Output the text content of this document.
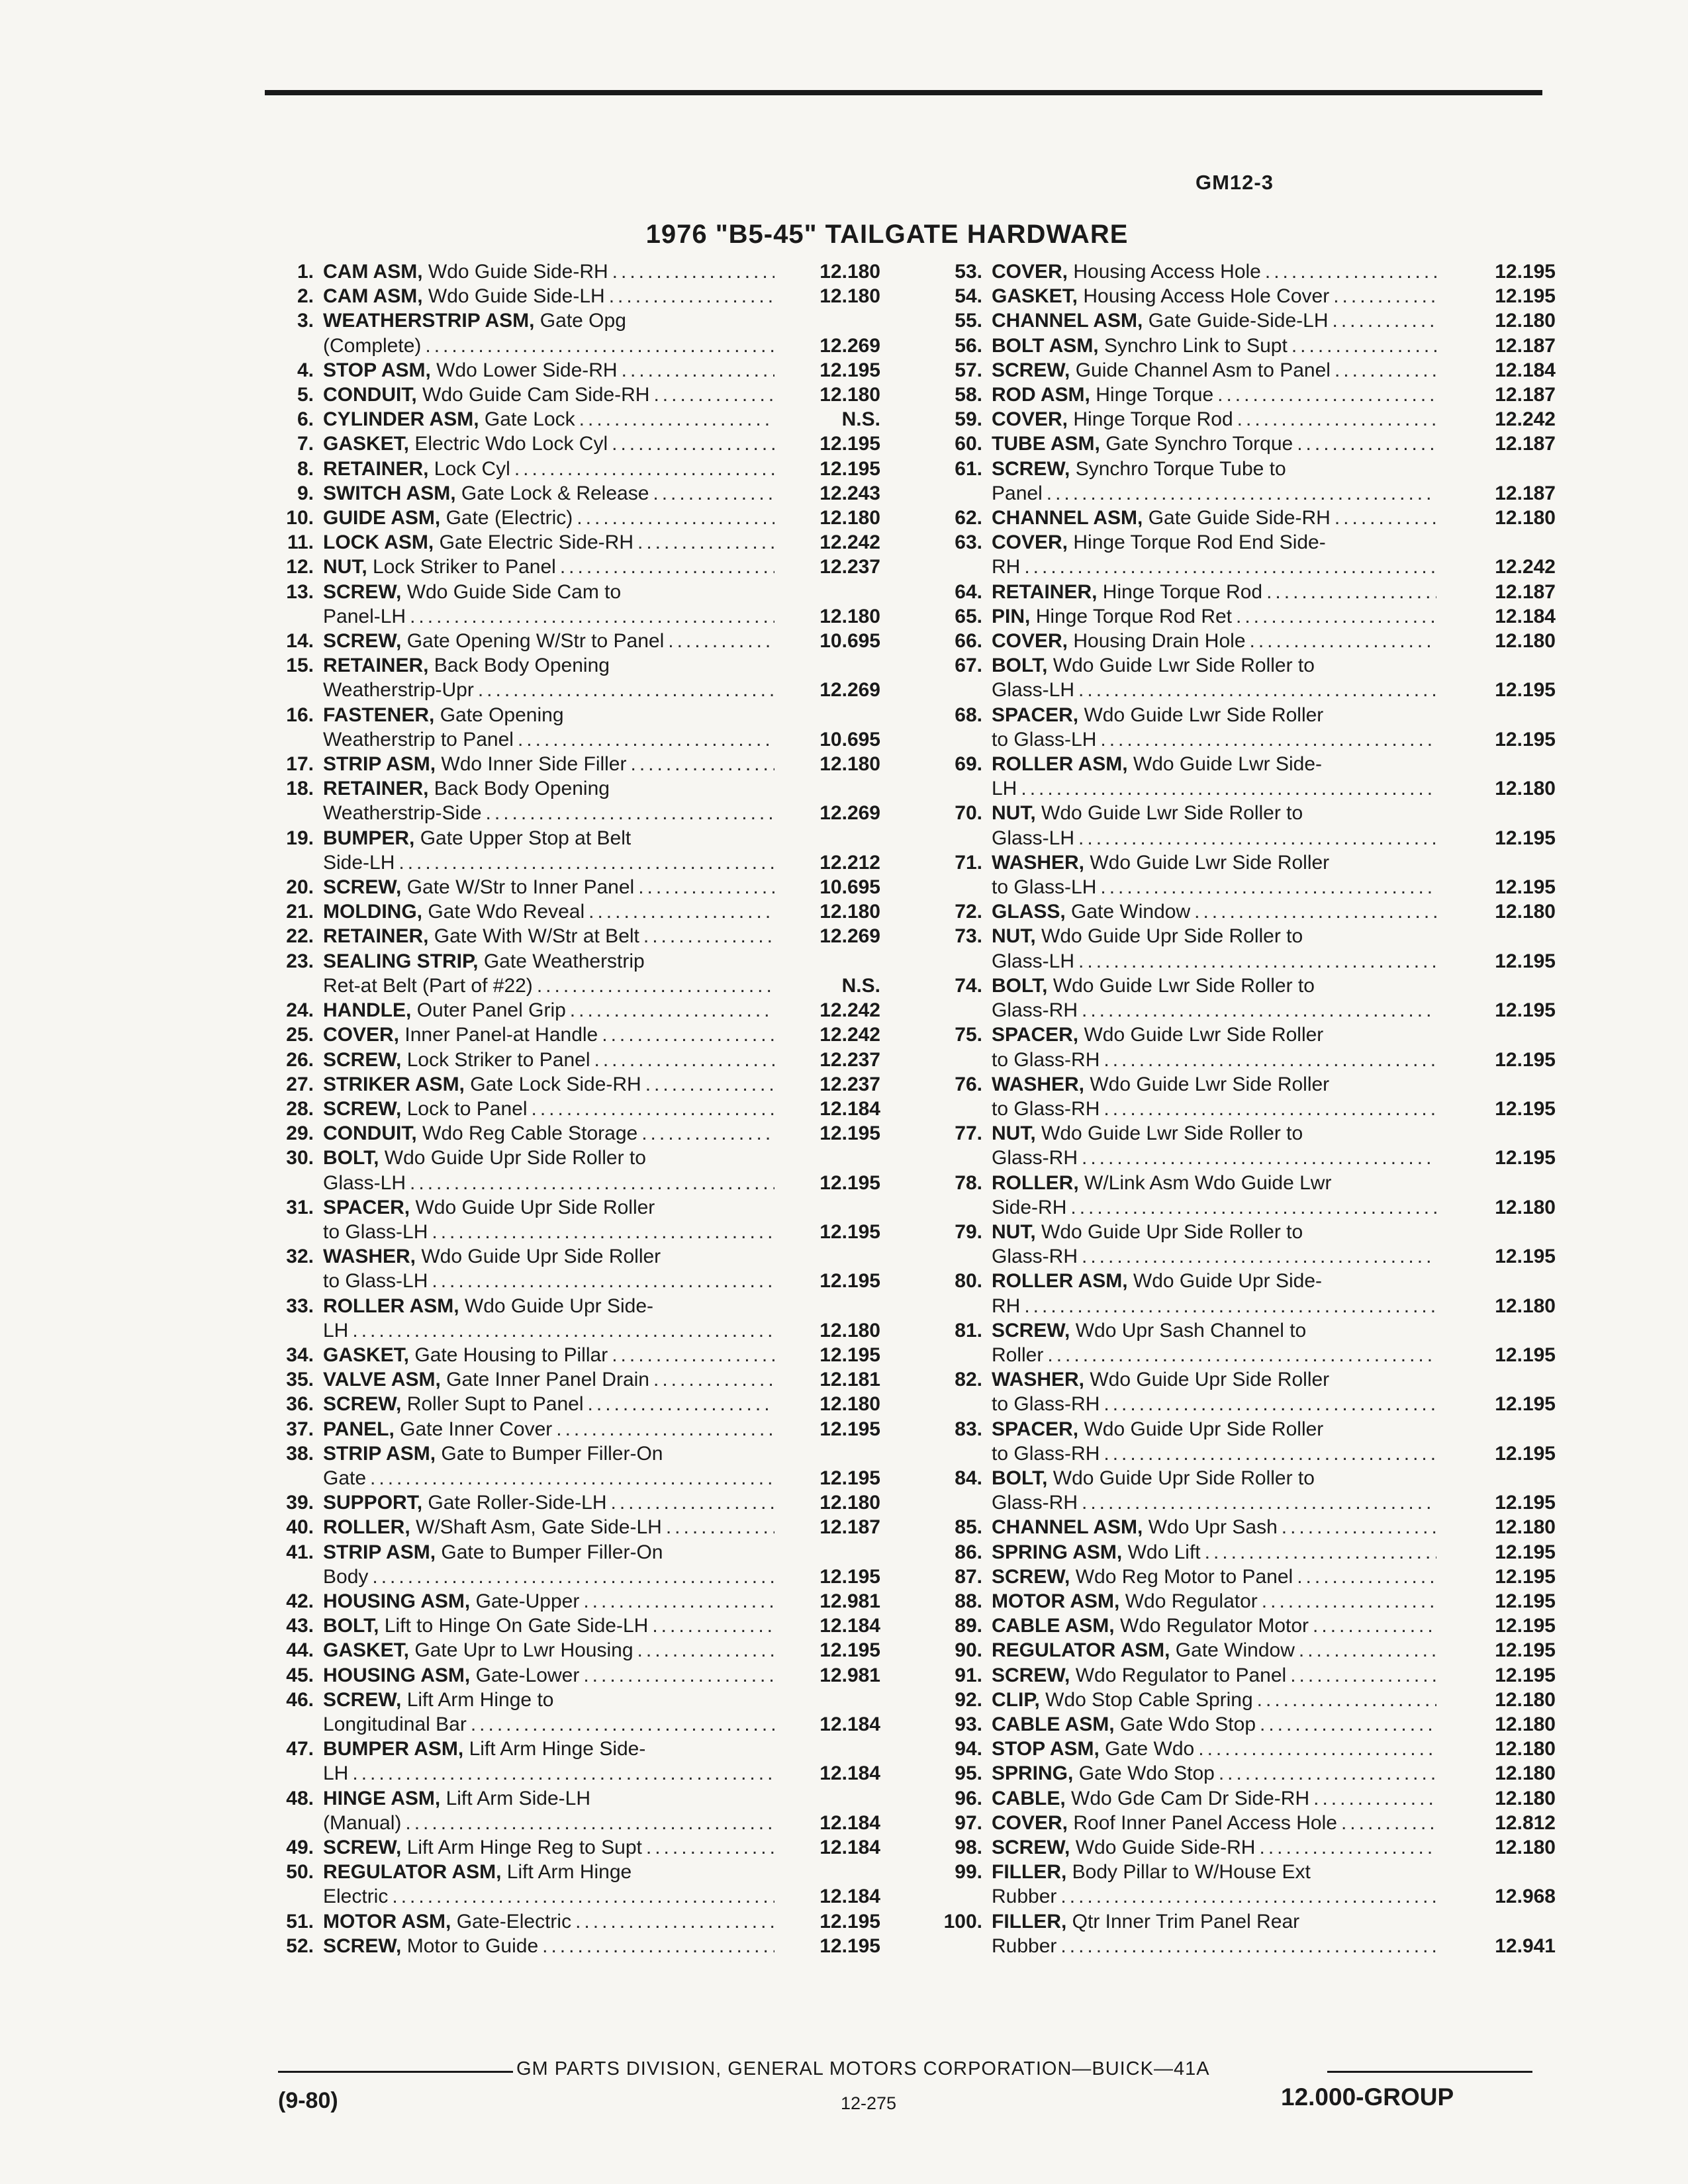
GM12-3
1976 "B5-45" TAILGATE HARDWARE
1. CAM ASM, Wdo Guide Side-RH .....	12.180
2. CAM ASM, Wdo Guide Side-LH .....	12.180
3. WEATHERSTRIP ASM, Gate Opg
(Complete) .....	12.269
4. STOP ASM, Wdo Lower Side-RH .....	12.195
5. CONDUIT, Wdo Guide Cam Side-RH .....	12.180
6. CYLINDER ASM, Gate Lock .....	N.S.
7. GASKET, Electric Wdo Lock Cyl .....	12.195
8. RETAINER, Lock Cyl .....	12.195
9. SWITCH ASM, Gate Lock & Release .....	12.243
10. GUIDE ASM, Gate (Electric) .....	12.180
11. LOCK ASM, Gate Electric Side-RH .....	12.242
12. NUT, Lock Striker to Panel .....	12.237
13. SCREW, Wdo Guide Side Cam to
Panel-LH .....	12.180
14. SCREW, Gate Opening W/Str to Panel .....	10.695
15. RETAINER, Back Body Opening
Weatherstrip-Upr .....	12.269
16. FASTENER, Gate Opening
Weatherstrip to Panel .....	10.695
17. STRIP ASM, Wdo Inner Side Filler .....	12.180
18. RETAINER, Back Body Opening
Weatherstrip-Side .....	12.269
19. BUMPER, Gate Upper Stop at Belt
Side-LH .....	12.212
20. SCREW, Gate W/Str to Inner Panel .....	10.695
21. MOLDING, Gate Wdo Reveal .....	12.180
22. RETAINER, Gate With W/Str at Belt .....	12.269
23. SEALING STRIP, Gate Weatherstrip
Ret-at Belt (Part of #22) .....	N.S.
24. HANDLE, Outer Panel Grip .....	12.242
25. COVER, Inner Panel-at Handle .....	12.242
26. SCREW, Lock Striker to Panel .....	12.237
27. STRIKER ASM, Gate Lock Side-RH .....	12.237
28. SCREW, Lock to Panel .....	12.184
29. CONDUIT, Wdo Reg Cable Storage .....	12.195
30. BOLT, Wdo Guide Upr Side Roller to
Glass-LH .....	12.195
31. SPACER, Wdo Guide Upr Side Roller
to Glass-LH .....	12.195
32. WASHER, Wdo Guide Upr Side Roller
to Glass-LH .....	12.195
33. ROLLER ASM, Wdo Guide Upr Side-
LH .....	12.180
34. GASKET, Gate Housing to Pillar .....	12.195
35. VALVE ASM, Gate Inner Panel Drain .....	12.181
36. SCREW, Roller Supt to Panel .....	12.180
37. PANEL, Gate Inner Cover .....	12.195
38. STRIP ASM, Gate to Bumper Filler-On
Gate .....	12.195
39. SUPPORT, Gate Roller-Side-LH .....	12.180
40. ROLLER, W/Shaft Asm, Gate Side-LH .....	12.187
41. STRIP ASM, Gate to Bumper Filler-On
Body .....	12.195
42. HOUSING ASM, Gate-Upper .....	12.981
43. BOLT, Lift to Hinge On Gate Side-LH .....	12.184
44. GASKET, Gate Upr to Lwr Housing .....	12.195
45. HOUSING ASM, Gate-Lower .....	12.981
46. SCREW, Lift Arm Hinge to
Longitudinal Bar .....	12.184
47. BUMPER ASM, Lift Arm Hinge Side-
LH .....	12.184
48. HINGE ASM, Lift Arm Side-LH
(Manual) .....	12.184
49. SCREW, Lift Arm Hinge Reg to Supt .....	12.184
50. REGULATOR ASM, Lift Arm Hinge
Electric .....	12.184
51. MOTOR ASM, Gate-Electric .....	12.195
52. SCREW, Motor to Guide .....	12.195
53. COVER, Housing Access Hole .....	12.195
54. GASKET, Housing Access Hole Cover .....	12.195
55. CHANNEL ASM, Gate Guide-Side-LH .....	12.180
56. BOLT ASM, Synchro Link to Supt .....	12.187
57. SCREW, Guide Channel Asm to Panel .....	12.184
58. ROD ASM, Hinge Torque .....	12.187
59. COVER, Hinge Torque Rod .....	12.242
60. TUBE ASM, Gate Synchro Torque .....	12.187
61. SCREW, Synchro Torque Tube to
Panel .....	12.187
62. CHANNEL ASM, Gate Guide Side-RH .....	12.180
63. COVER, Hinge Torque Rod End Side-
RH .....	12.242
64. RETAINER, Hinge Torque Rod .....	12.187
65. PIN, Hinge Torque Rod Ret .....	12.184
66. COVER, Housing Drain Hole .....	12.180
67. BOLT, Wdo Guide Lwr Side Roller to
Glass-LH .....	12.195
68. SPACER, Wdo Guide Lwr Side Roller
to Glass-LH .....	12.195
69. ROLLER ASM, Wdo Guide Lwr Side-
LH .....	12.180
70. NUT, Wdo Guide Lwr Side Roller to
Glass-LH .....	12.195
71. WASHER, Wdo Guide Lwr Side Roller
to Glass-LH .....	12.195
72. GLASS, Gate Window .....	12.180
73. NUT, Wdo Guide Upr Side Roller to
Glass-LH .....	12.195
74. BOLT, Wdo Guide Lwr Side Roller to
Glass-RH .....	12.195
75. SPACER, Wdo Guide Lwr Side Roller
to Glass-RH .....	12.195
76. WASHER, Wdo Guide Lwr Side Roller
to Glass-RH .....	12.195
77. NUT, Wdo Guide Lwr Side Roller to
Glass-RH .....	12.195
78. ROLLER, W/Link Asm Wdo Guide Lwr
Side-RH .....	12.180
79. NUT, Wdo Guide Upr Side Roller to
Glass-RH .....	12.195
80. ROLLER ASM, Wdo Guide Upr Side-
RH .....	12.180
81. SCREW, Wdo Upr Sash Channel to
Roller .....	12.195
82. WASHER, Wdo Guide Upr Side Roller
to Glass-RH .....	12.195
83. SPACER, Wdo Guide Upr Side Roller
to Glass-RH .....	12.195
84. BOLT, Wdo Guide Upr Side Roller to
Glass-RH .....	12.195
85. CHANNEL ASM, Wdo Upr Sash .....	12.180
86. SPRING ASM, Wdo Lift .....	12.195
87. SCREW, Wdo Reg Motor to Panel .....	12.195
88. MOTOR ASM, Wdo Regulator .....	12.195
89. CABLE ASM, Wdo Regulator Motor .....	12.195
90. REGULATOR ASM, Gate Window .....	12.195
91. SCREW, Wdo Regulator to Panel .....	12.195
92. CLIP, Wdo Stop Cable Spring .....	12.180
93. CABLE ASM, Gate Wdo Stop .....	12.180
94. STOP ASM, Gate Wdo .....	12.180
95. SPRING, Gate Wdo Stop .....	12.180
96. CABLE, Wdo Gde Cam Dr Side-RH .....	12.180
97. COVER, Roof Inner Panel Access Hole .....	12.812
98. SCREW, Wdo Guide Side-RH .....	12.180
99. FILLER, Body Pillar to W/House Ext
Rubber .....	12.968
100. FILLER, Qtr Inner Trim Panel Rear
Rubber .....	12.941
GM PARTS DIVISION, GENERAL MOTORS CORPORATION—BUICK—41A
(9-80)	12-275	12.000-GROUP
